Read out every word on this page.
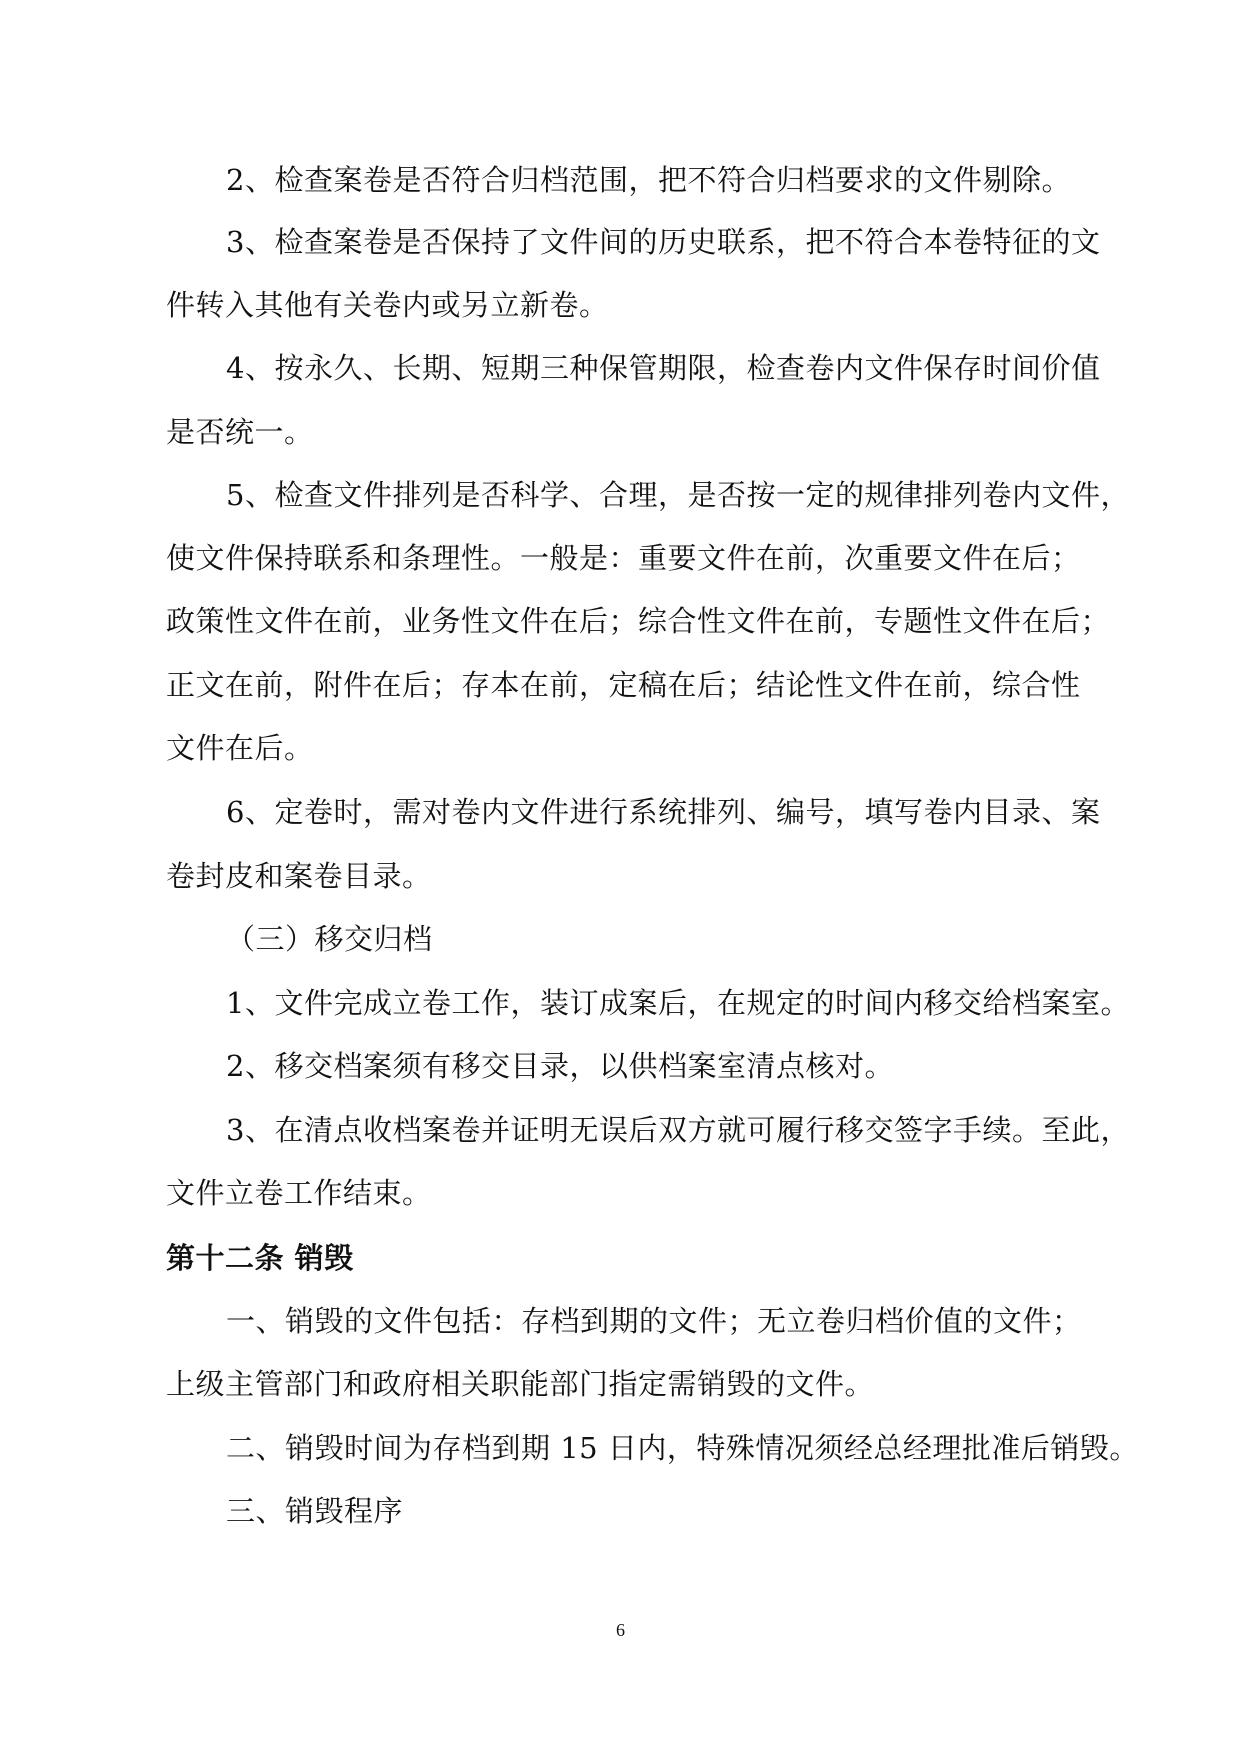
2、检查案卷是否符合归档范围，把不符合归档要求的文件剔除。
3、检查案卷是否保持了文件间的历史联系，把不符合本卷特征的文
件转入其他有关卷内或另立新卷。
4、按永久、长期、短期三种保管期限，检查卷内文件保存时间价值
是否统一。
5、检查文件排列是否科学、合理，是否按一定的规律排列卷内文件，
使文件保持联系和条理性。一般是：重要文件在前，次重要文件在后；
政策性文件在前，业务性文件在后；综合性文件在前，专题性文件在后；
正文在前，附件在后；存本在前，定稿在后；结论性文件在前，综合性
文件在后。
6、定卷时，需对卷内文件进行系统排列、编号，填写卷内目录、案
卷封皮和案卷目录。
（三）移交归档
1、文件完成立卷工作，装订成案后，在规定的时间内移交给档案室。
2、移交档案须有移交目录，以供档案室清点核对。
3、在清点收档案卷并证明无误后双方就可履行移交签字手续。至此，
文件立卷工作结束。
第十二条 销毁
一、销毁的文件包括：存档到期的文件；无立卷归档价值的文件；
上级主管部门和政府相关职能部门指定需销毁的文件。
二、销毁时间为存档到期 15 日内，特殊情况须经总经理批准后销毁。
三、销毁程序
6
